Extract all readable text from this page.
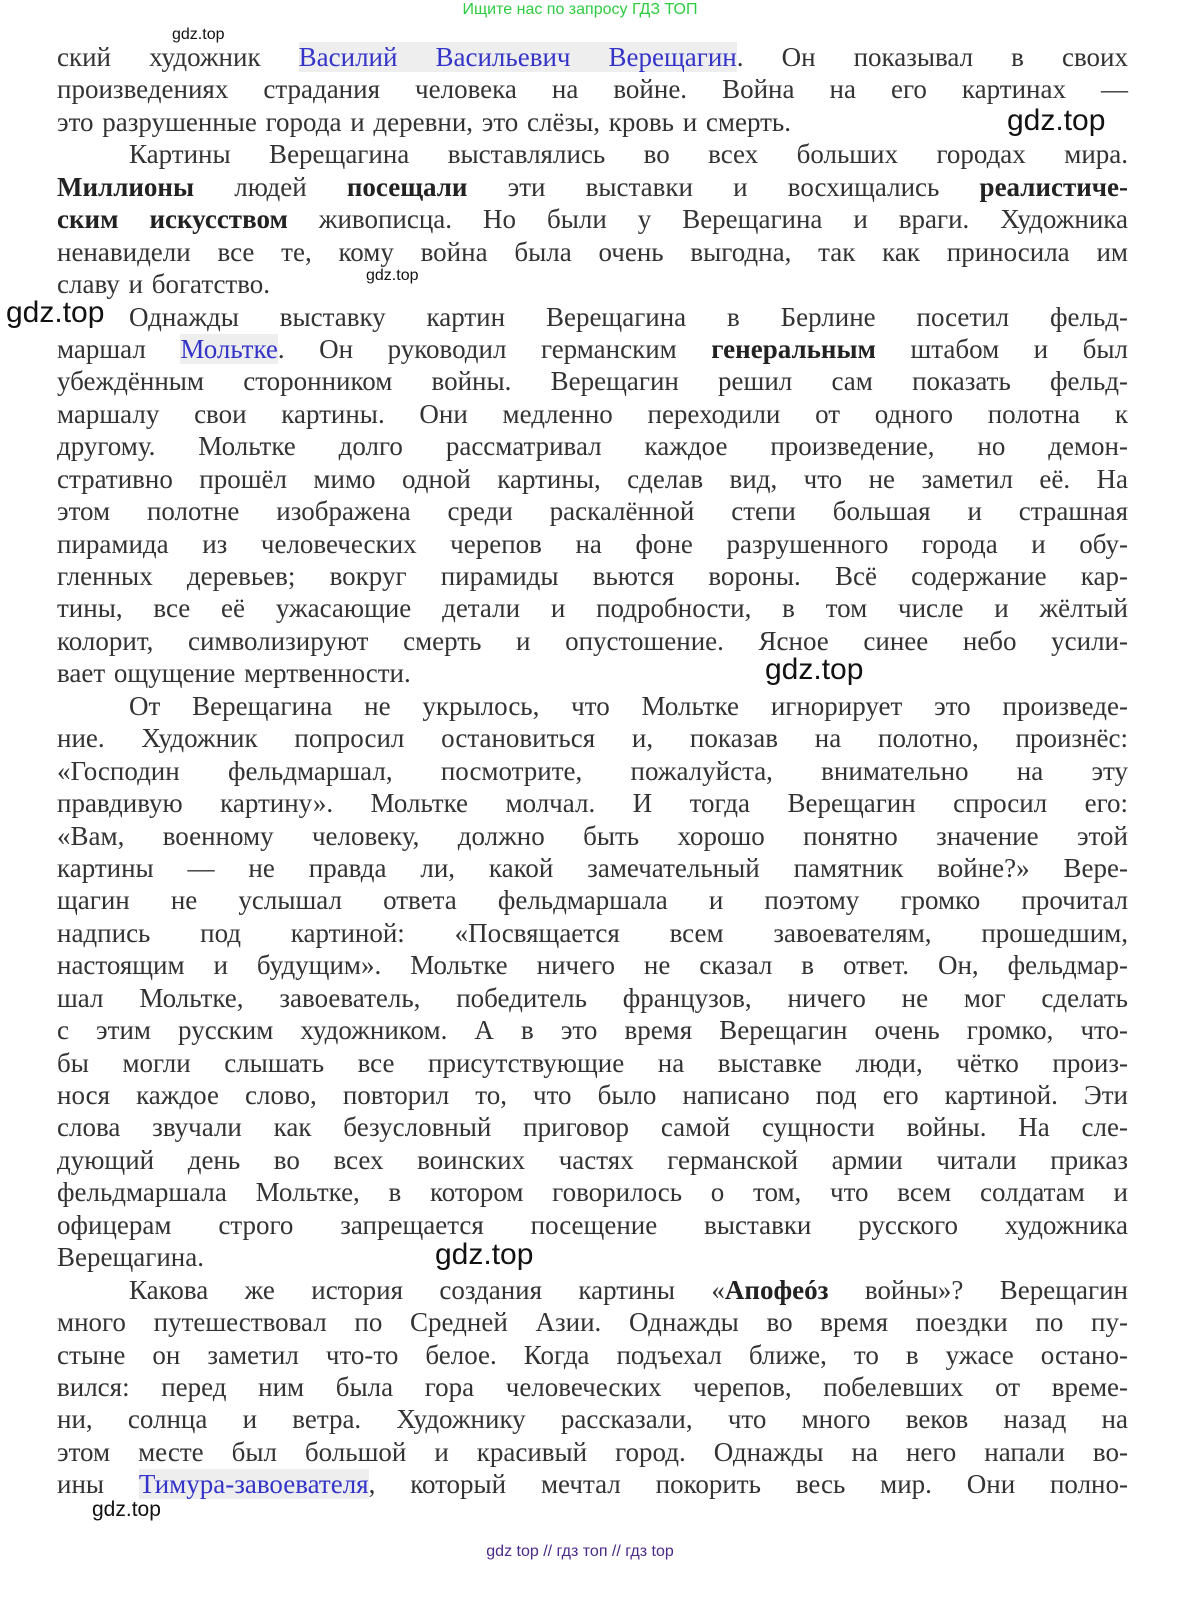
Ищите нас по запросу ГДЗ ТОП
ский художник Василий Васильевич Верещагин. Он показывал в своих
произведениях страдания человека на войне. Война на его картинах —
это разрушенные города и деревни, это слёзы, кровь и смерть.
Картины Верещагина выставлялись во всех больших городах мира.
Миллионы людей посещали эти выставки и восхищались реалистиче-
ским искусством живописца. Но были у Верещагина и враги. Художника
ненавидели все те, кому война была очень выгодна, так как приносила им
славу и богатство.
Однажды выставку картин Верещагина в Берлине посетил фельд-
маршал Мольтке. Он руководил германским генеральным штабом и был
убеждённым сторонником войны. Верещагин решил сам показать фельд-
маршалу свои картины. Они медленно переходили от одного полотна к
другому. Мольтке долго рассматривал каждое произведение, но демон-
стративно прошёл мимо одной картины, сделав вид, что не заметил её. На
этом полотне изображена среди раскалённой степи большая и страшная
пирамида из человеческих черепов на фоне разрушенного города и обу-
гленных деревьев; вокруг пирамиды вьются вороны. Всё содержание кар-
тины, все её ужасающие детали и подробности, в том числе и жёлтый
колорит, символизируют смерть и опустошение. Ясное синее небо усили-
вает ощущение мертвенности.
От Верещагина не укрылось, что Мольтке игнорирует это произведе-
ние. Художник попросил остановиться и, показав на полотно, произнёс:
«Господин фельдмаршал, посмотрите, пожалуйста, внимательно на эту
правдивую картину». Мольтке молчал. И тогда Верещагин спросил его:
«Вам, военному человеку, должно быть хорошо понятно значение этой
картины — не правда ли, какой замечательный памятник войне?» Вере-
щагин не услышал ответа фельдмаршала и поэтому громко прочитал
надпись под картиной: «Посвящается всем завоевателям, прошедшим,
настоящим и будущим». Мольтке ничего не сказал в ответ. Он, фельдмар-
шал Мольтке, завоеватель, победитель французов, ничего не мог сделать
с этим русским художником. А в это время Верещагин очень громко, что-
бы могли слышать все присутствующие на выставке люди, чётко произ-
нося каждое слово, повторил то, что было написано под его картиной. Эти
слова звучали как безусловный приговор самой сущности войны. На сле-
дующий день во всех воинских частях германской армии читали приказ
фельдмаршала Мольтке, в котором говорилось о том, что всем солдатам и
офицерам строго запрещается посещение выставки русского художника
Верещагина.
Какова же история создания картины «Апофеóз войны»? Верещагин
много путешествовал по Средней Азии. Однажды во время поездки по пу-
стыне он заметил что-то белое. Когда подъехал ближе, то в ужасе остано-
вился: перед ним была гора человеческих черепов, побелевших от време-
ни, солнца и ветра. Художнику рассказали, что много веков назад на
этом месте был большой и красивый город. Однажды на него напали во-
ины Тимура-завоевателя, который мечтал покорить весь мир. Они полно-
gdz.top
gdz.top
gdz.top
gdz.top
gdz.top
gdz.top
gdz.top
gdz top // гдз топ // гдз top
